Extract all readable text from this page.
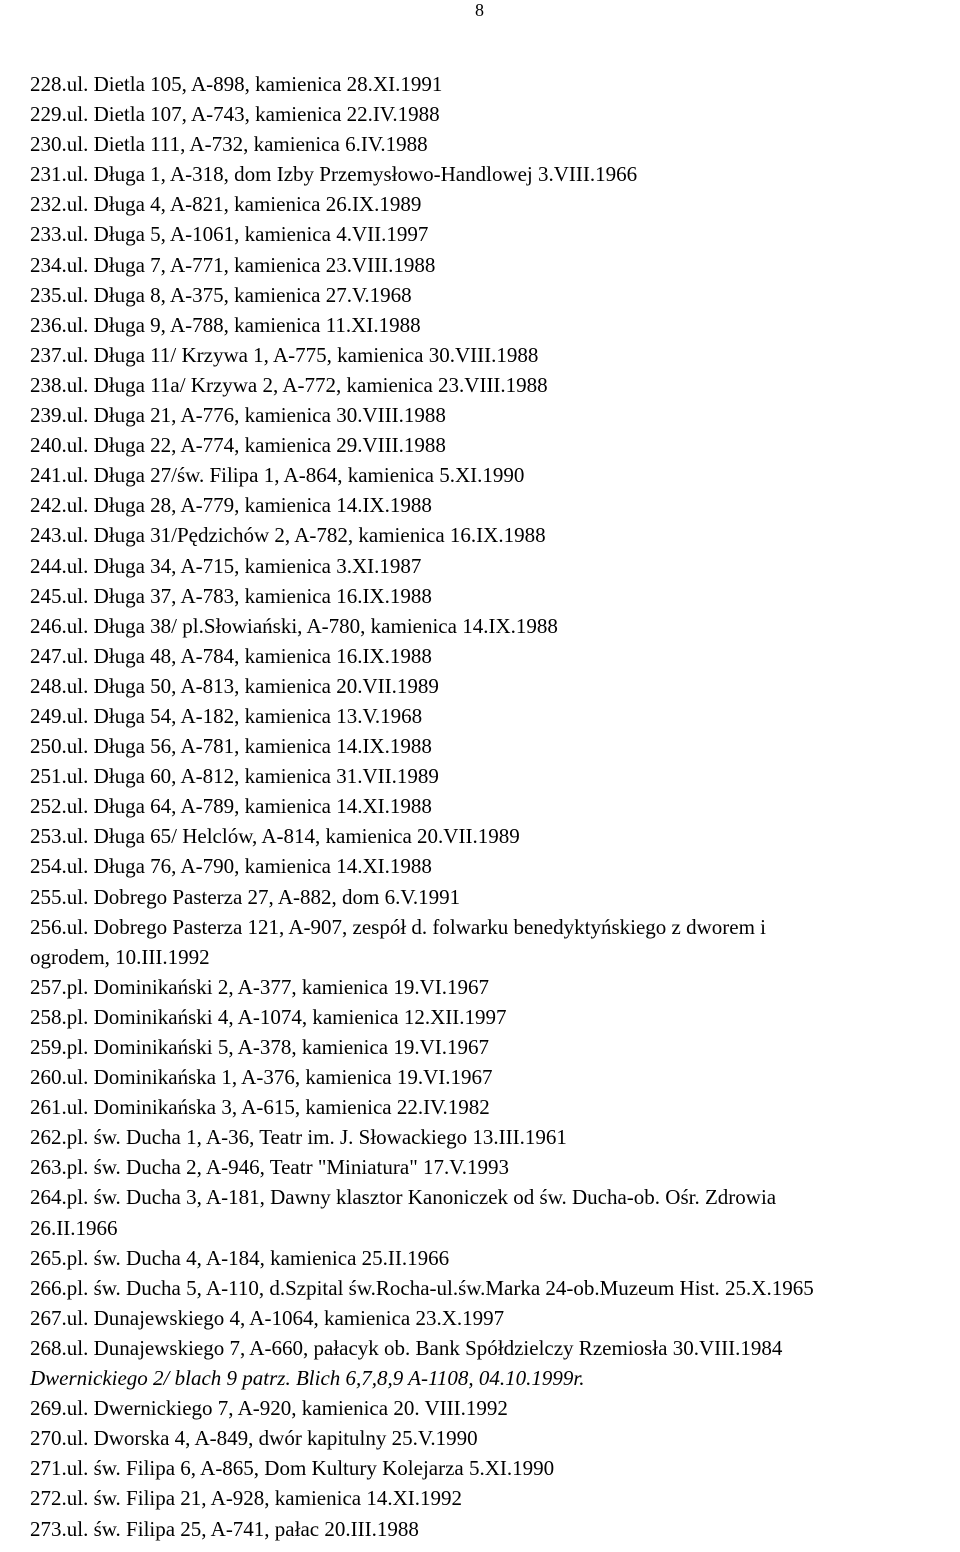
8
228.ul. Dietla 105, A-898, kamienica 28.XI.1991
229.ul. Dietla 107, A-743, kamienica 22.IV.1988
230.ul. Dietla 111, A-732, kamienica 6.IV.1988
231.ul. Długa 1, A-318, dom Izby Przemysłowo-Handlowej 3.VIII.1966
232.ul. Długa 4, A-821, kamienica 26.IX.1989
233.ul. Długa 5, A-1061, kamienica 4.VII.1997
234.ul. Długa 7, A-771, kamienica 23.VIII.1988
235.ul. Długa 8, A-375, kamienica 27.V.1968
236.ul. Długa 9, A-788, kamienica 11.XI.1988
237.ul. Długa 11/ Krzywa 1, A-775, kamienica 30.VIII.1988
238.ul. Długa 11a/ Krzywa 2, A-772, kamienica 23.VIII.1988
239.ul. Długa 21, A-776, kamienica 30.VIII.1988
240.ul. Długa 22, A-774, kamienica 29.VIII.1988
241.ul. Długa 27/św. Filipa 1, A-864, kamienica 5.XI.1990
242.ul. Długa 28, A-779, kamienica 14.IX.1988
243.ul. Długa 31/Pędzichów 2, A-782, kamienica 16.IX.1988
244.ul. Długa 34, A-715, kamienica 3.XI.1987
245.ul. Długa 37, A-783, kamienica 16.IX.1988
246.ul. Długa 38/ pl.Słowiański, A-780, kamienica 14.IX.1988
247.ul. Długa 48, A-784, kamienica 16.IX.1988
248.ul. Długa 50, A-813, kamienica 20.VII.1989
249.ul. Długa 54, A-182, kamienica 13.V.1968
250.ul. Długa 56, A-781, kamienica 14.IX.1988
251.ul. Długa 60, A-812, kamienica 31.VII.1989
252.ul. Długa 64, A-789, kamienica 14.XI.1988
253.ul. Długa 65/ Helclów, A-814, kamienica 20.VII.1989
254.ul. Długa 76, A-790, kamienica 14.XI.1988
255.ul. Dobrego Pasterza 27, A-882, dom 6.V.1991
256.ul. Dobrego Pasterza 121, A-907, zespół d. folwarku benedyktyńskiego z dworem i
ogrodem, 10.III.1992
257.pl. Dominikański 2, A-377, kamienica 19.VI.1967
258.pl. Dominikański 4, A-1074, kamienica 12.XII.1997
259.pl. Dominikański 5, A-378, kamienica 19.VI.1967
260.ul. Dominikańska 1, A-376, kamienica 19.VI.1967
261.ul. Dominikańska 3, A-615, kamienica 22.IV.1982
262.pl. św. Ducha 1, A-36, Teatr im. J. Słowackiego 13.III.1961
263.pl. św. Ducha 2, A-946, Teatr "Miniatura" 17.V.1993
264.pl. św. Ducha 3, A-181, Dawny klasztor Kanoniczek od św. Ducha-ob. Ośr. Zdrowia
26.II.1966
265.pl. św. Ducha 4, A-184, kamienica 25.II.1966
266.pl. św. Ducha 5, A-110, d.Szpital św.Rocha-ul.św.Marka 24-ob.Muzeum Hist. 25.X.1965
267.ul. Dunajewskiego 4, A-1064, kamienica 23.X.1997
268.ul. Dunajewskiego 7, A-660, pałacyk ob. Bank Spółdzielczy Rzemiosła 30.VIII.1984
Dwernickiego 2/ blach 9 patrz. Blich 6,7,8,9 A-1108, 04.10.1999r.
269.ul. Dwernickiego 7, A-920, kamienica 20. VIII.1992
270.ul. Dworska 4, A-849, dwór kapitulny 25.V.1990
271.ul. św. Filipa 6, A-865, Dom Kultury Kolejarza 5.XI.1990
272.ul. św. Filipa 21, A-928, kamienica 14.XI.1992
273.ul. św. Filipa 25, A-741, pałac 20.III.1988
